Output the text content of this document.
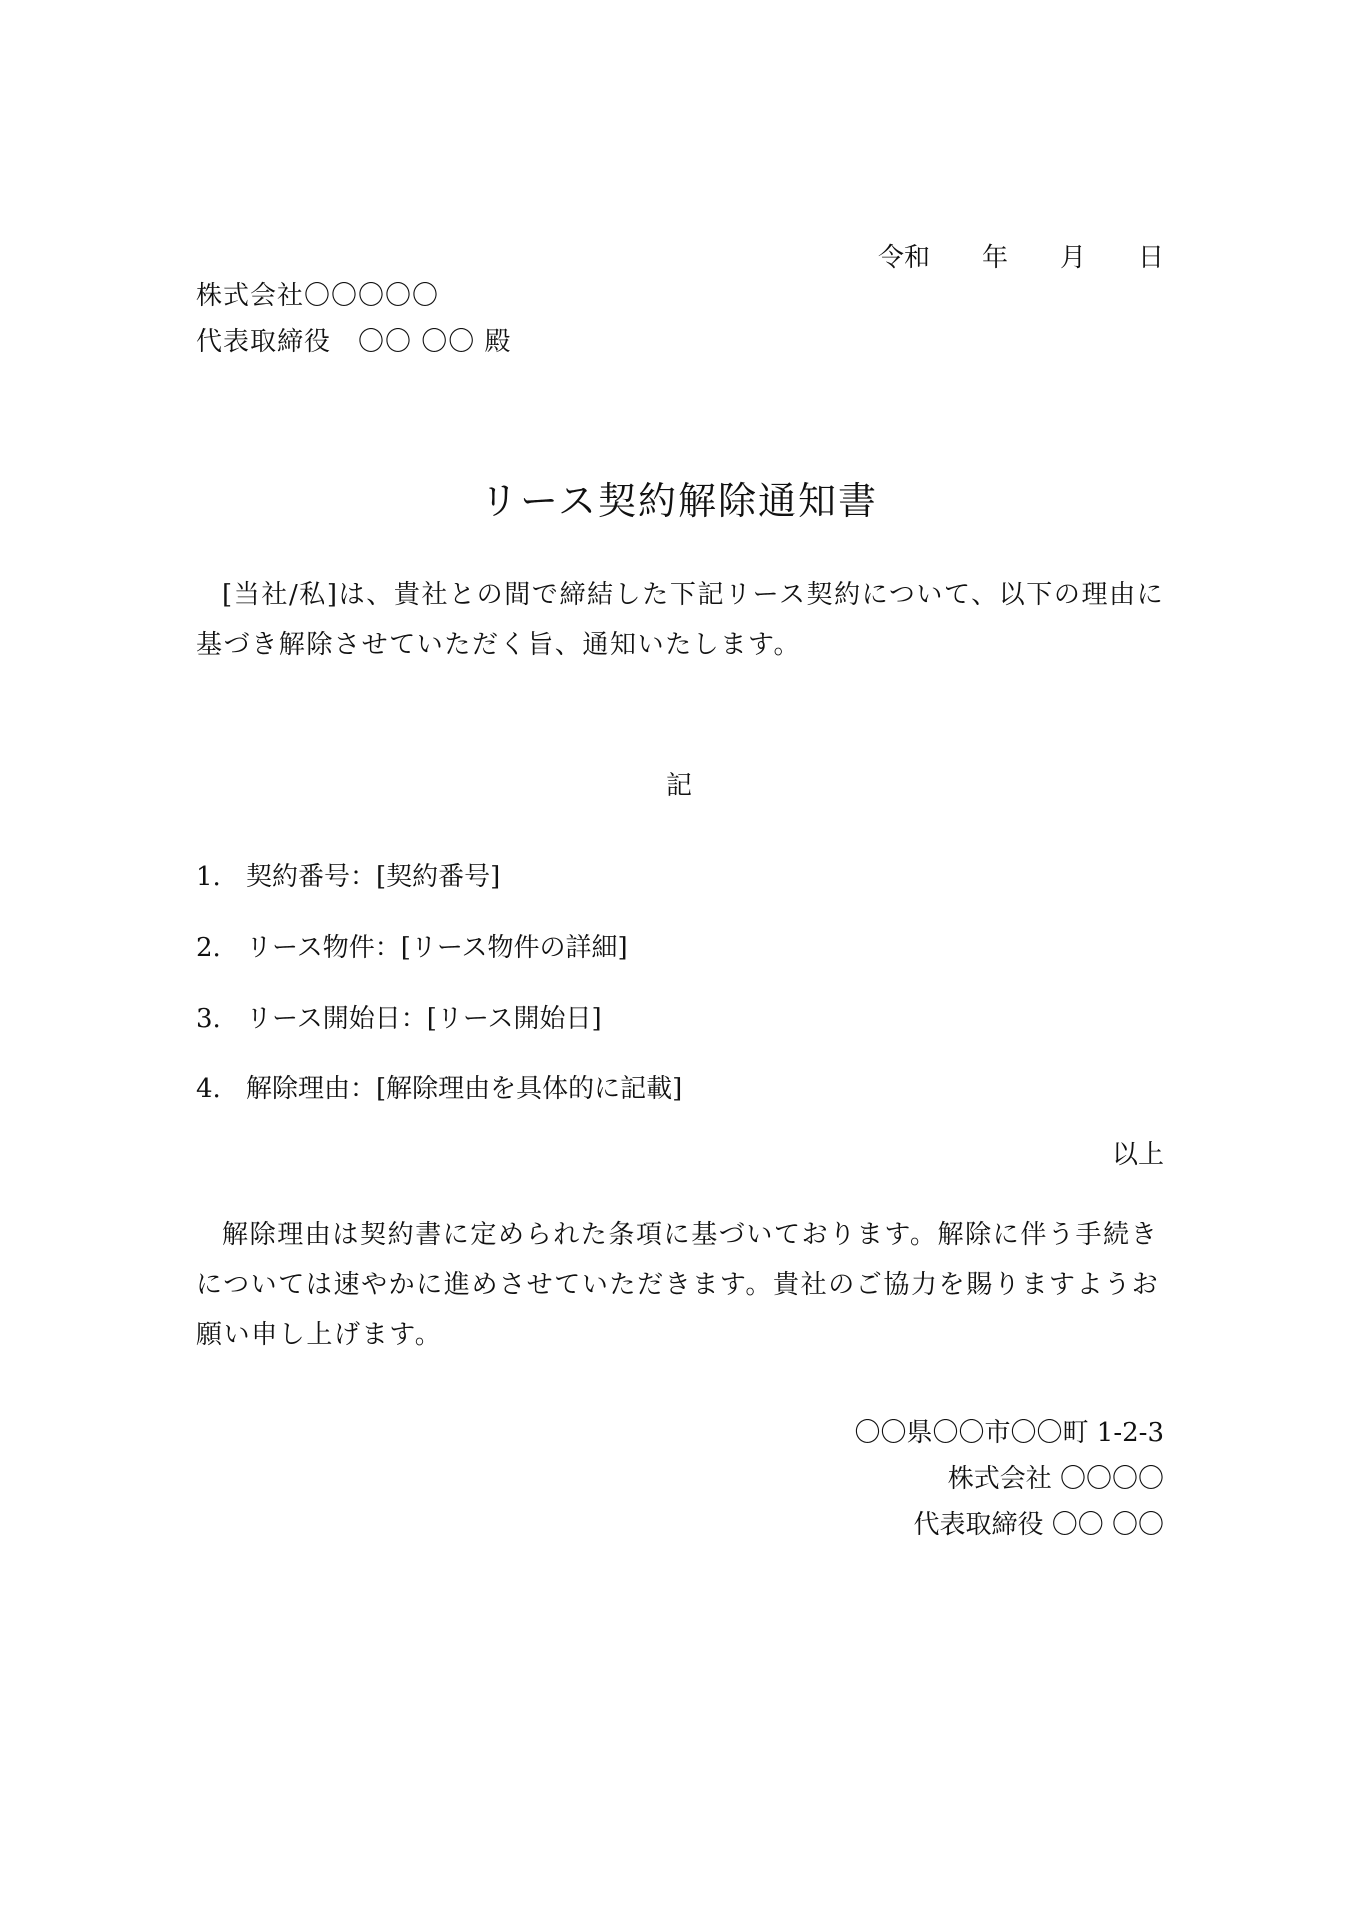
令和　　年　　月　　日
株式会社〇〇〇〇〇
代表取締役　〇〇 〇〇 殿
リース契約解除通知書
[当社/私]は、貴社との間で締結した下記リース契約について、以下の理由に基づき解除させていただく旨、通知いたします。
記
1. 契約番号：[契約番号]
2. リース物件：[リース物件の詳細]
3. リース開始日：[リース開始日]
4. 解除理由：[解除理由を具体的に記載]
以上
解除理由は契約書に定められた条項に基づいております。解除に伴う手続きについては速やかに進めさせていただきます。貴社のご協力を賜りますようお願い申し上げます。
〇〇県〇〇市〇〇町 1-2-3
株式会社 〇〇〇〇
代表取締役 〇〇 〇〇
